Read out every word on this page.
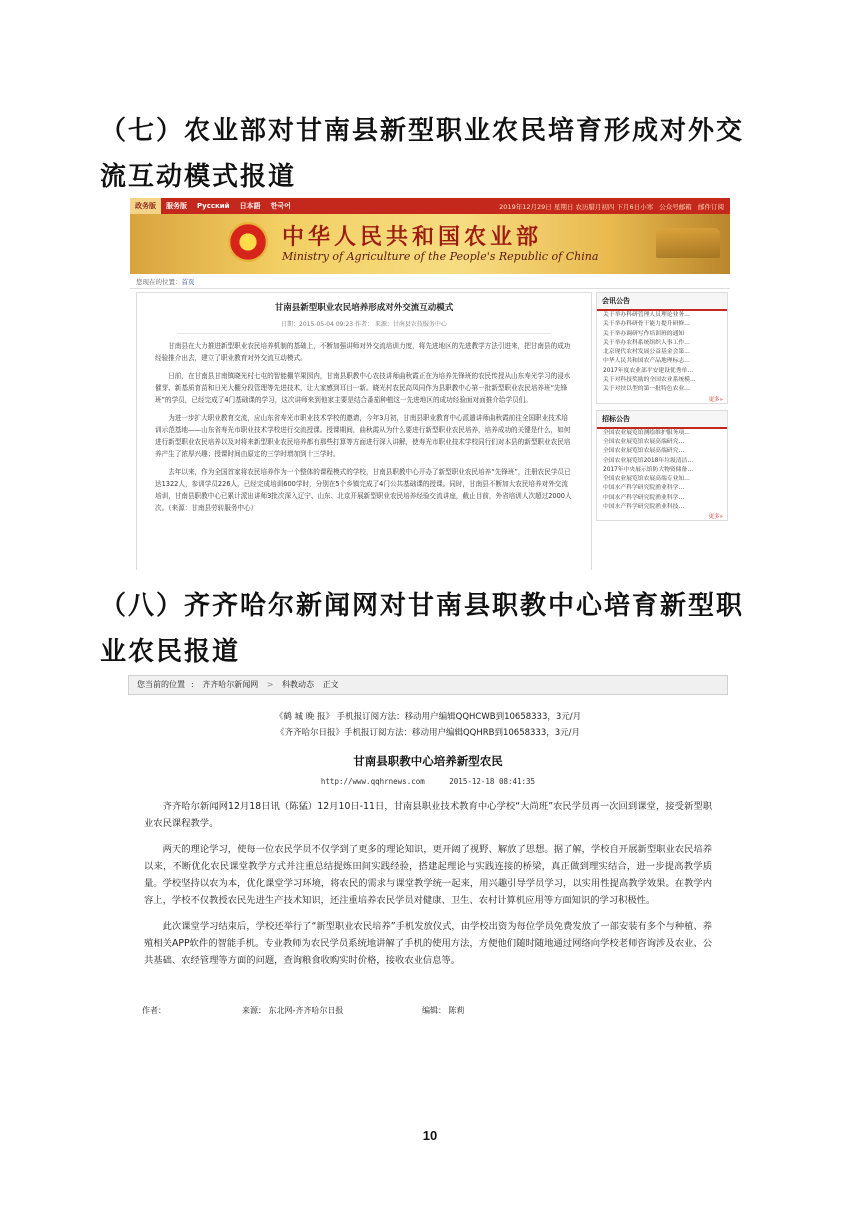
（七）农业部对甘南县新型职业农民培育形成对外交流互动模式报道
政务版	服务版	Русский	日本語	한국어	2019年12月29日 星期日 农历腊月初四 下月6日小寒 公众号邮箱 邮件订阅
★ 中华人民共和国农业部
Ministry of Agriculture of the People's Republic of China
您现在的位置：首页
甘南县新型职业农民培养形成对外交流互动模式
日期：2015-05-04 09:23 作者： 来源：甘南县农技服务中心
甘南县在大力推进新型职业农民培养机制的基础上，不断加强讲师对外交流培训力度，将先进地区的先进教学方法引进来，把甘南县的成功经验推介出去，建立了职业教育对外交流互动模式。
日前，在甘南县甘南镇晓光村七屯的智能棚苹果园内，甘南县职教中心农技讲师曲秋霞正在为培养先锋班的农民传授从山东寿光学习的浸水催芽、新基质育苗和日光大棚分段管理等先进技术，让大家感到耳目一新。晓光村农民高凤同作为县职教中心第一批新型职业农民培养班“先锋班”的学员，已经完成了4门基础课的学习，这次讲师来到他家主要是结合番茄种植这一先进地区的成功经验面对面推介给学员们。
为进一步扩大职业教育交流，应山东省寿光市职业技术学校的邀请，今年3月初，甘南县职业教育中心派遣讲师曲秋霞前往全国职业技术培训示范基地——山东省寿光市职业技术学校进行交流授课。授课期间，曲秋霞从为什么要进行新型职业农民培养，培养成功的关键是什么，如何进行新型职业农民培养以及对将来新型职业农民培养都有那些打算等方面进行深入讲解，使寿光市职业技术学校同行们对本县的新型职业农民培养产生了浓厚兴趣；授课时间由原定的三学时增加到十三学时。
去年以来，作为全国首家将农民培养作为一个整体的课程模式的学校，甘南县职教中心开办了新型职业农民培养“先锋班”，注册农民学员已达1322人，参训学员226人，已经完成培训600学时，分别在5个乡镇完成了4门公共基础课的授课。同时，甘南县不断加大农民培养对外交流培训，甘南县职教中心已累计派出讲师3批次深入辽宁、山东、北京开展新型职业农民培养经验交流讲座，截止目前，外省培训人次超过2000人次。（来源：甘南县劳转服务中心）
会讯公告
关于举办科研管理人员理论业务…
关于举办科研骨干能力提升研修…
关于举办调研写作培训班的通知
关于举办农科系统组织人事工作…
北京现代农村发展公益基金会第…
中华人民共和国农产品地理标志…
2017年度农业部平安建设优秀单…
关于对科技奖励的全国农业系统模…
关于对扶以型的第一批特色农业…
更多»
招标公告
全国农业展览馆测绘维护服务项…
全国农业展览馆农展高端研究…
全国农业展览馆农展高端研究…
全国农业展览馆2018年垃圾清洁…
2017年中央展示馆防大物资储备…
全国农业展览馆农展高端专业知…
中国水产科学研究院渔业科学…
中国水产科学研究院渔业科学…
中国水产科学研究院渔业科技…
更多»
（八）齐齐哈尔新闻网对甘南县职教中心培育新型职业农民报道
您当前的位置 : 齐齐哈尔新闻网 > 科教动态 正文
《鹤 城 晚 报》 手机报订阅方法：移动用户编辑QQHCWB到10658333，3元/月
《齐齐哈尔日报》手机报订阅方法：移动用户编辑QQHRB到10658333，3元/月
甘南县职教中心培养新型农民
http://www.qqhrnews.com	2015-12-18 08:41:35

齐齐哈尔新闻网12月18日讯（陈猛）12月10日-11日，甘南县职业技术教育中心学校“大尚班”农民学员再一次回到课堂，接受新型职业农民课程教学。

两天的理论学习，使每一位农民学员不仅学到了更多的理论知识，更开阔了视野、解放了思想。据了解，学校自开展新型职业农民培养以来，不断优化农民课堂教学方式并注重总结提炼田间实践经验，搭建起理论与实践连接的桥梁，真正做到理实结合，进一步提高教学质量。学校坚持以农为本，优化课堂学习环境，将农民的需求与课堂教学统一起来，用兴趣引导学员学习，以实用性提高教学效果。在教学内容上，学校不仅教授农民先进生产技术知识，还注重培养农民学员对健康、卫生、农村计算机应用等方面知识的学习积极性。

此次课堂学习结束后，学校还举行了“新型职业农民培养”手机发放仪式，由学校出资为每位学员免费发放了一部安装有多个与种植、养殖相关APP软件的智能手机。专业教师为农民学员系统地讲解了手机的使用方法，方便他们随时随地通过网络向学校老师咨询涉及农业、公共基础、农经管理等方面的问题，查询粮食收购实时价格，接收农业信息等。

作者：	来源： 东北网-齐齐哈尔日报	编辑： 陈莉
10
